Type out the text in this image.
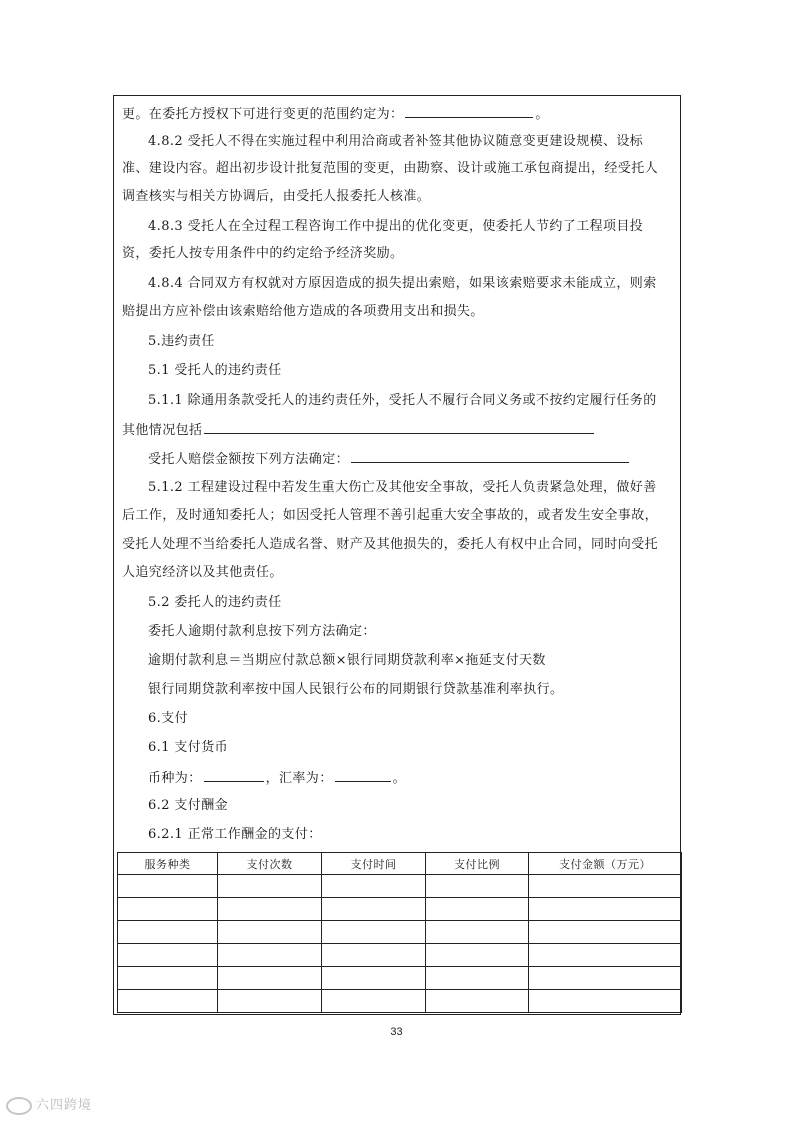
更。在委托方授权下可进行变更的范围约定为：	。
4.8.2 受托人不得在实施过程中利用洽商或者补签其他协议随意变更建设规模、设标
准、建设内容。超出初步设计批复范围的变更，由勘察、设计或施工承包商提出，经受托人
调查核实与相关方协调后，由受托人报委托人核准。
4.8.3 受托人在全过程工程咨询工作中提出的优化变更，使委托人节约了工程项目投
资，委托人按专用条件中的约定给予经济奖励。
4.8.4 合同双方有权就对方原因造成的损失提出索赔，如果该索赔要求未能成立，则索
赔提出方应补偿由该索赔给他方造成的各项费用支出和损失。
5.违约责任
5.1 受托人的违约责任
5.1.1 除通用条款受托人的违约责任外，受托人不履行合同义务或不按约定履行任务的
其他情况包括
受托人赔偿金额按下列方法确定：
5.1.2 工程建设过程中若发生重大伤亡及其他安全事故，受托人负责紧急处理，做好善
后工作，及时通知委托人；如因受托人管理不善引起重大安全事故的，或者发生安全事故，
受托人处理不当给委托人造成名誉、财产及其他损失的，委托人有权中止合同，同时向受托
人追究经济以及其他责任。
5.2 委托人的违约责任
委托人逾期付款利息按下列方法确定：
逾期付款利息＝当期应付款总额×银行同期贷款利率×拖延支付天数
银行同期贷款利率按中国人民银行公布的同期银行贷款基准利率执行。
6.支付
6.1 支付货币
币种为：	，汇率为：	。
6.2 支付酬金
6.2.1 正常工作酬金的支付：
服务种类	支付次数	支付时间	支付比例	支付金额（万元）

33
六四跨境
